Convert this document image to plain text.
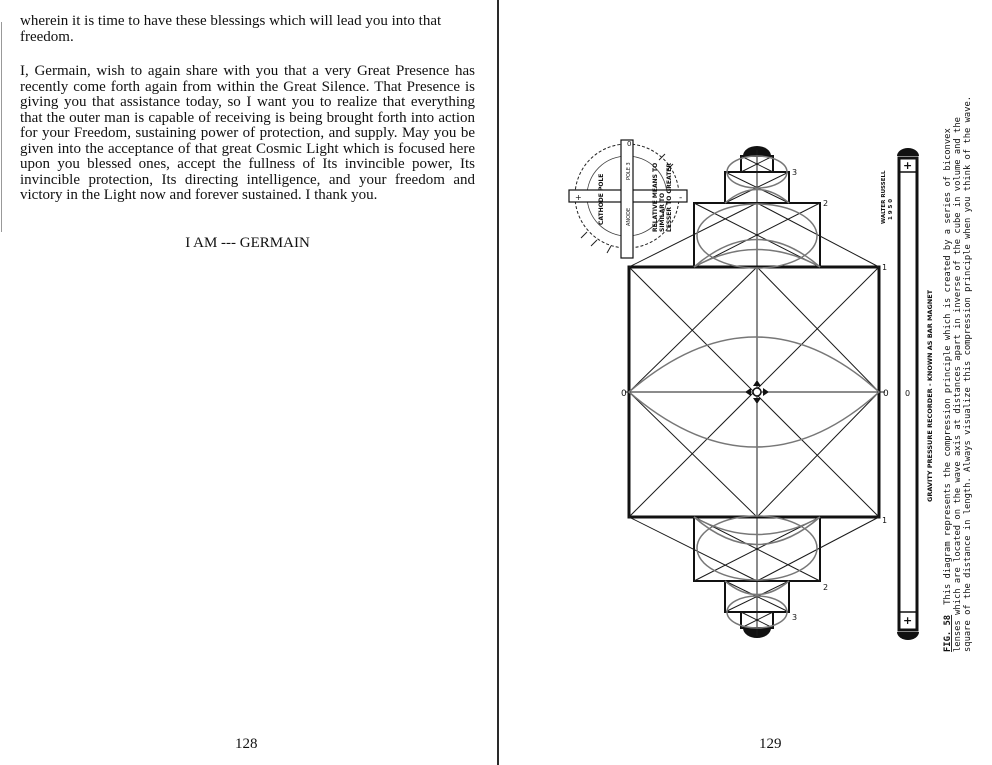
wherein it is time to have these blessings which will lead you into that freedom.

I, Germain, wish to again share with you that a very Great Presence has recently come forth again from within the Great Silence. That Presence is giving you that assistance today, so I want you to realize that everything that the outer man is capable of receiving is being brought forth into action for your Freedom, sustaining power of protection, and supply. May you be given into the acceptance of that great Cosmic Light which is focused here upon you blessed ones, accept the fullness of Its invincible power, Its invincible protection, Its directing intelligence, and your freedom and victory in the Light now and forever sustained. I thank you.

I AM --- GERMAIN
128
0	0
1
1
2
2
3
3
+	-
0
CATHODE POLE
POLE 3
ANODE	RELATIVE MEANS TO SIMILAR TO LESSER TO GREATER	+
+
0 GRAVITY PRESSURE RECORDER - KNOWN AS BAR MAGNET
WALTER RUSSELL 1 9 5 0
FIG. 58This diagram represents the compression principle which is created by a series of biconvex lenses which are located on the wave axis at distances apart in inverse of the cube in volume and the square of the distance in length. Always visualize this compression principle when you think of the wave.
129
